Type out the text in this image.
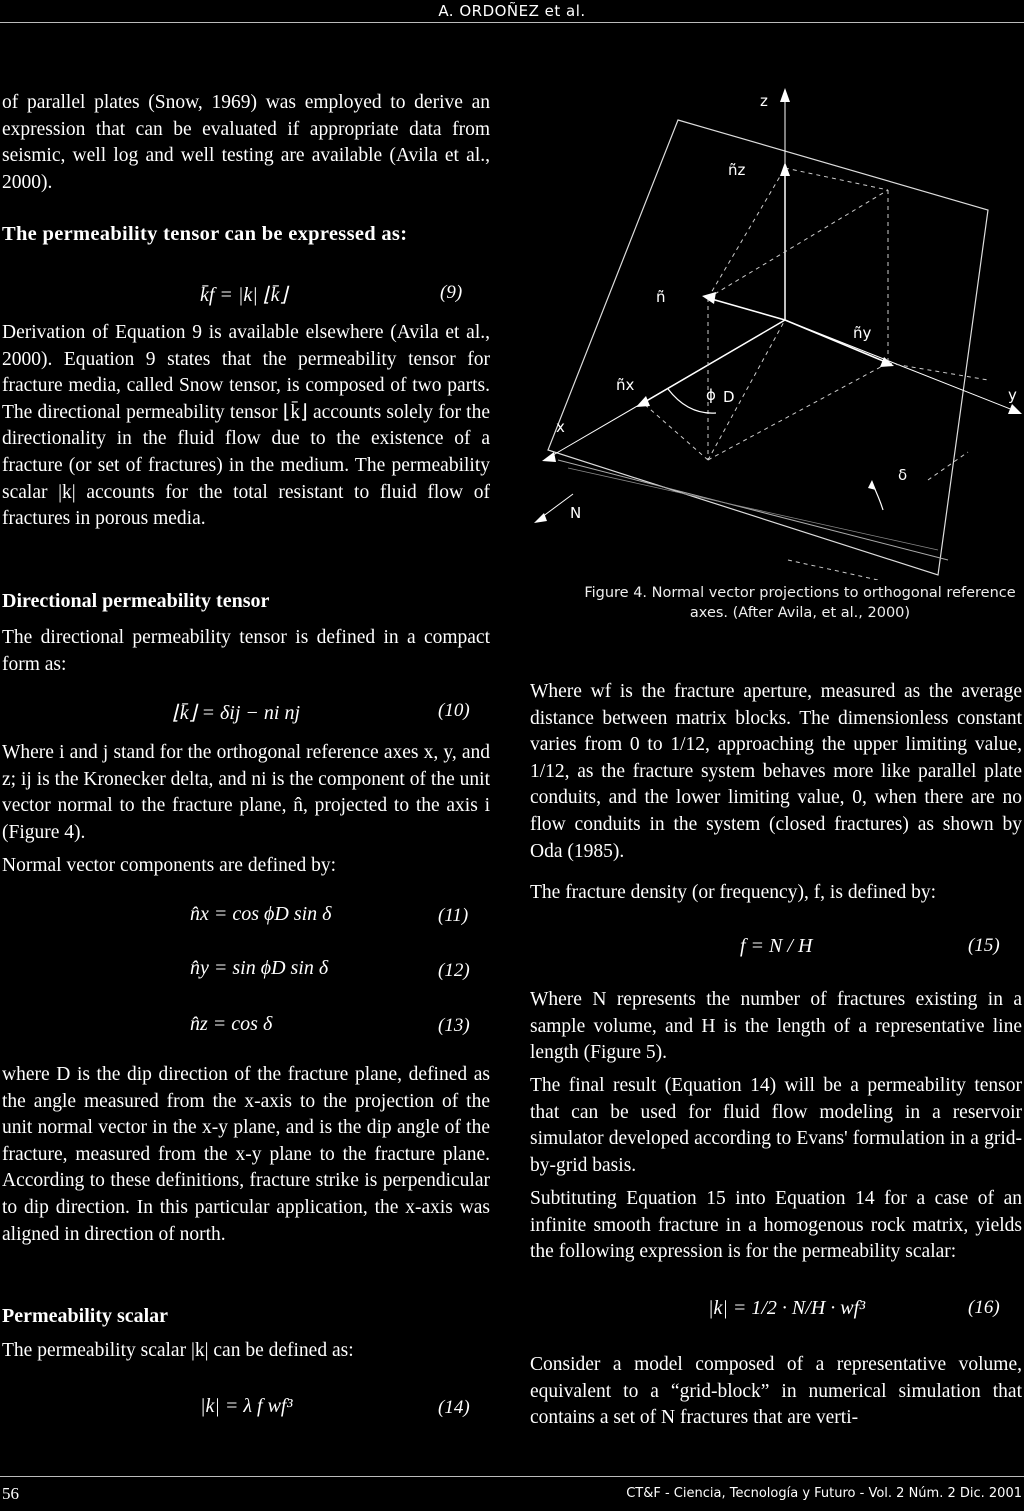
A. ORDOÑEZ et al.
of parallel plates (Snow, 1969) was employed to derive an expression that can be evaluated if appropriate data from seismic, well log and well testing are available (Avila et al., 2000).
The permeability tensor can be expressed as:
k̄f = |k| ⌊k̄⌋	(9)
Derivation of Equation 9 is available elsewhere (Avila et al., 2000). Equation 9 states that the permeability tensor for fracture media, called Snow tensor, is composed of two parts. The directional permeability tensor ⌊k̄⌋ accounts solely for the directionality in the fluid flow due to the existence of a fracture (or set of fractures) in the medium. The permeability scalar |k| accounts for the total resistant to fluid flow of fractures in porous media.
Directional permeability tensor
The directional permeability tensor is defined in a compact form as:
⌊k̄⌋ = δij − ni nj	(10)
Where i and j stand for the orthogonal reference axes x, y, and z; ij is the Kronecker delta, and ni is the component of the unit vector normal to the fracture plane, n̂, projected to the axis i (Figure 4).
Normal vector components are defined by:
n̂x = cos ϕD sin δ	(11)
n̂y = sin ϕD sin δ	(12)
n̂z = cos δ	(13)
where D is the dip direction of the fracture plane, defined as the angle measured from the x-axis to the projection of the unit normal vector in the x-y plane, and is the dip angle of the fracture, measured from the x-y plane to the fracture plane. According to these definitions, fracture strike is perpendicular to dip direction. In this particular application, the x-axis was aligned in direction of north.
Permeability scalar
The permeability scalar |k| can be defined as:
|k| = λ f wf³	(14)
z
ñz
ñ
ñy
ñx
ϕ D
x
y
δ
N
Figure 4. Normal vector projections to orthogonal reference axes. (After Avila, et al., 2000)
Where wf is the fracture aperture, measured as the average distance between matrix blocks. The dimensionless constant varies from 0 to 1/12, approaching the upper limiting value, 1/12, as the fracture system behaves more like parallel plate conduits, and the lower limiting value, 0, when there are no flow conduits in the system (closed fractures) as shown by Oda (1985).
The fracture density (or frequency), f, is defined by:
f = N / H	(15)
Where N represents the number of fractures existing in a sample volume, and H is the length of a representative line length (Figure 5).
The final result (Equation 14) will be a permeability tensor that can be used for fluid flow modeling in a reservoir simulator developed according to Evans' formulation in a grid-by-grid basis.
Subtituting Equation 15 into Equation 14 for a case of an infinite smooth fracture in a homogenous rock matrix, yields the following expression is for the permeability scalar:
|k| = 1/2 · N/H · wf³	(16)
Consider a model composed of a representative volume, equivalent to a “grid-block” in numerical simulation that contains a set of N fractures that are verti-
56	CT&F - Ciencia, Tecnología y Futuro - Vol. 2 Núm. 2 Dic. 2001
